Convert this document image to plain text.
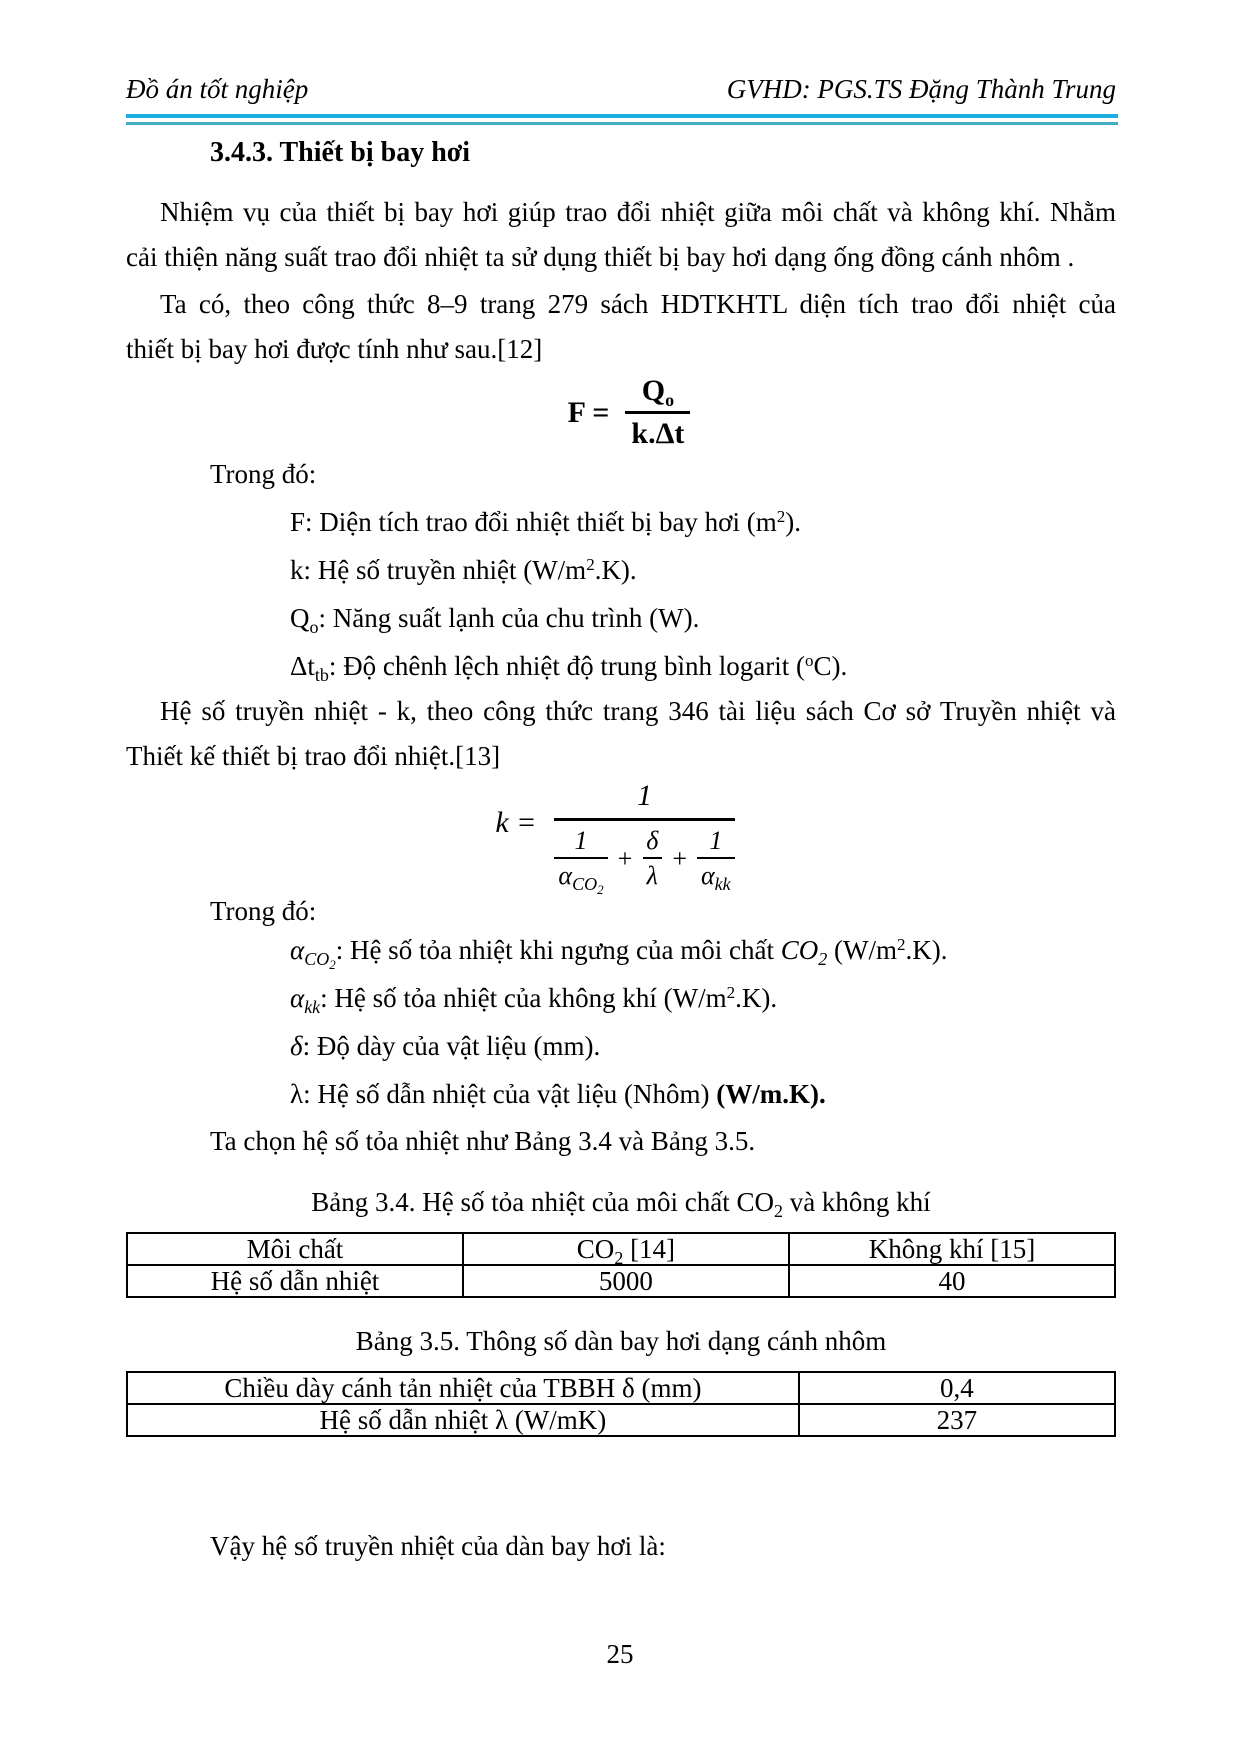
Đồ án tốt nghiệp	GVHD: PGS.TS Đặng Thành Trung
3.4.3. Thiết bị bay hơi
Nhiệm vụ của thiết bị bay hơi giúp trao đổi nhiệt giữa môi chất và không khí. Nhằm
cải thiện năng suất trao đổi nhiệt ta sử dụng thiết bị bay hơi dạng ống đồng cánh nhôm .
Ta có, theo công thức 8–9 trang 279 sách HDTKHTL diện tích trao đổi nhiệt của
thiết bị bay hơi được tính như sau.[12]
$F = \frac{Q_o}{k.\Delta t}$
Trong đó:
F: Diện tích trao đổi nhiệt thiết bị bay hơi $(m^2)$.
k: Hệ số truyền nhiệt $(W/m^2.K)$.
$Q_o$: Năng suất lạnh của chu trình (W).
$\Delta t_{tb}$: Độ chênh lệch nhiệt độ trung bình logarit ($^o$C).
Hệ số truyền nhiệt - k, theo công thức trang 346 tài liệu sách Cơ sở Truyền nhiệt và
Thiết kế thiết bị trao đổi nhiệt.[13]
k =
1
$\frac{1}{\alpha_{CO_2}} + \frac{\delta}{\lambda} + \frac{1}{\alpha_{kk}}$
Trong đó:
$\alpha_{CO_2}$: Hệ số tỏa nhiệt khi ngưng của môi chất $CO_2$ $(W/m^2.K)$.
$\alpha_{kk}$: Hệ số tỏa nhiệt của không khí $(W/m^2.K)$.
δ: Độ dày của vật liệu (mm).
λ: Hệ số dẫn nhiệt của vật liệu (Nhôm) (W/m.K).
Ta chọn hệ số tỏa nhiệt như Bảng 3.4 và Bảng 3.5.
Bảng 3.4. Hệ số tỏa nhiệt của môi chất $CO_2$ và không khí
Môi chất	$CO_2$ [14]	Không khí [15]
Hệ số dẫn nhiệt	5000	40
Bảng 3.5. Thông số dàn bay hơi dạng cánh nhôm
Chiều dày cánh tản nhiệt của TBBH δ (mm)	0,4
Hệ số dẫn nhiệt λ (W/mK)	237
Vậy hệ số truyền nhiệt của dàn bay hơi là:
25
